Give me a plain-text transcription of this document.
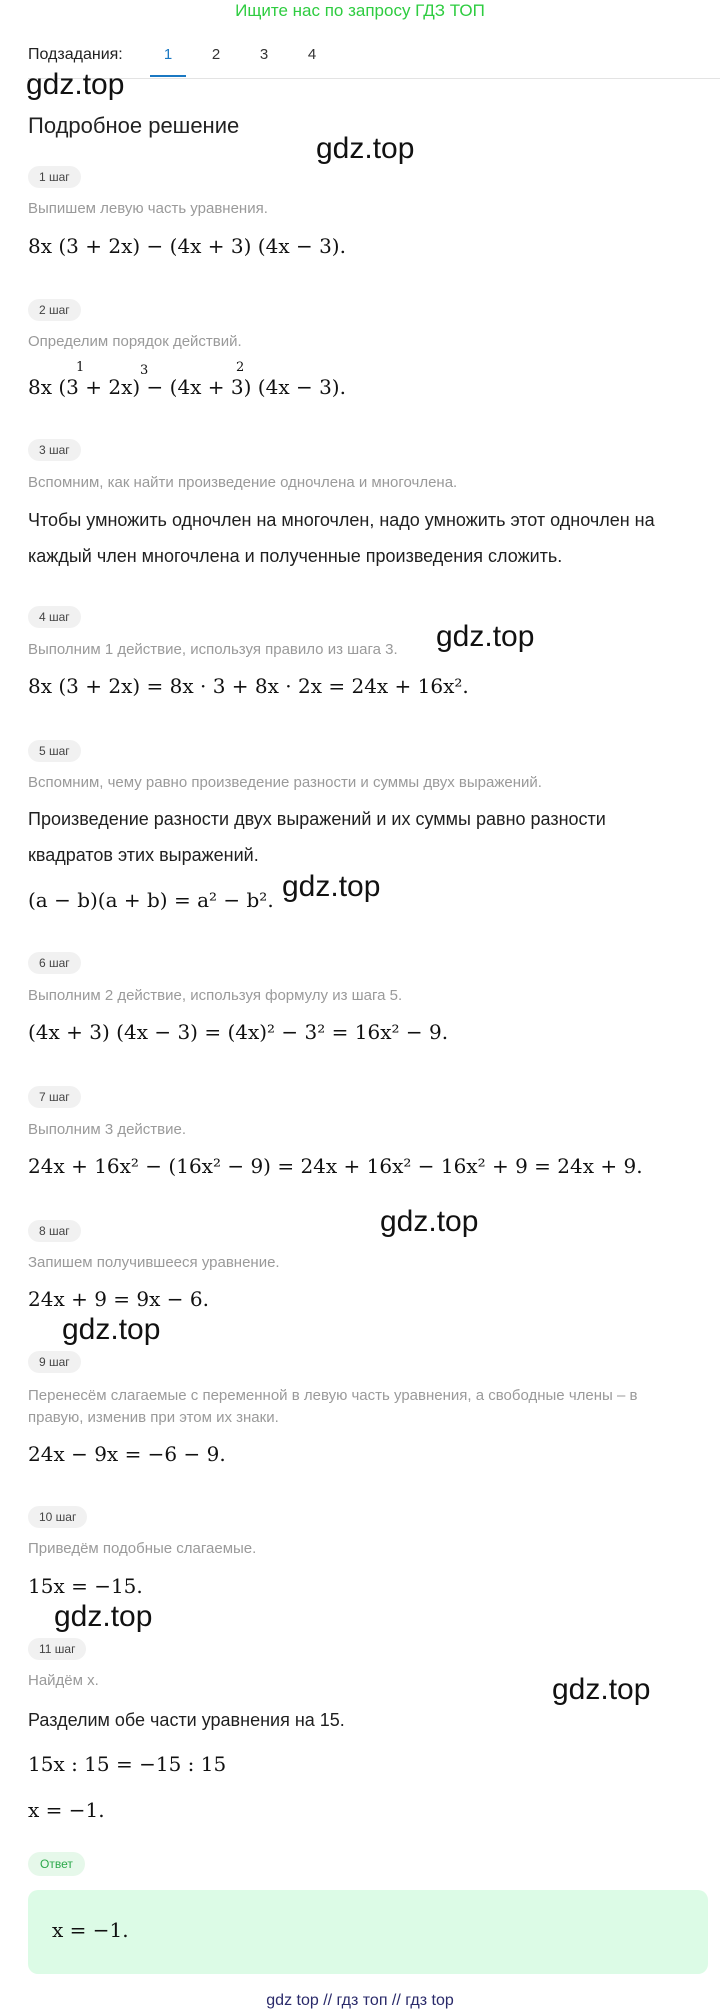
Ищите нас по запросу ГДЗ ТОП
Подзадания:	1	2	3	4
Подробное решение
gdz.top
gdz.top
gdz.top
gdz.top
gdz.top
gdz.top
gdz.top
gdz.top
1 шаг
Выпишем левую часть уравнения.
8x (3 + 2x) − (4x + 3) (4x − 3).
2 шаг
Определим порядок действий.
8x (3 + 2x) − (4x + 3) (4x − 3).
1	3	2
3 шаг
Вспомним, как найти произведение одночлена и многочлена.
Чтобы умножить одночлен на многочлен, надо умножить этот одночлен на каждый член многочлена и полученные произведения сложить.
4 шаг
Выполним 1 действие, используя правило из шага 3.
8x (3 + 2x) = 8x · 3 + 8x · 2x = 24x + 16x².
5 шаг
Вспомним, чему равно произведение разности и суммы двух выражений.
Произведение разности двух выражений и их суммы равно разности квадратов этих выражений.
(a − b)(a + b) = a² − b².
6 шаг
Выполним 2 действие, используя формулу из шага 5.
(4x + 3) (4x − 3) = (4x)² − 3² = 16x² − 9.
7 шаг
Выполним 3 действие.
24x + 16x² − (16x² − 9) = 24x + 16x² − 16x² + 9 = 24x + 9.
8 шаг
Запишем получившееся уравнение.
24x + 9 = 9x − 6.
9 шаг
Перенесём слагаемые с переменной в левую часть уравнения, а свободные члены – в правую, изменив при этом их знаки.
24x − 9x = −6 − 9.
10 шаг
Приведём подобные слагаемые.
15x = −15.
11 шаг
Найдём x.
Разделим обе части уравнения на 15.
15x : 15 = −15 : 15
x = −1.
Ответ
x = −1.
gdz top // гдз топ // гдз top
